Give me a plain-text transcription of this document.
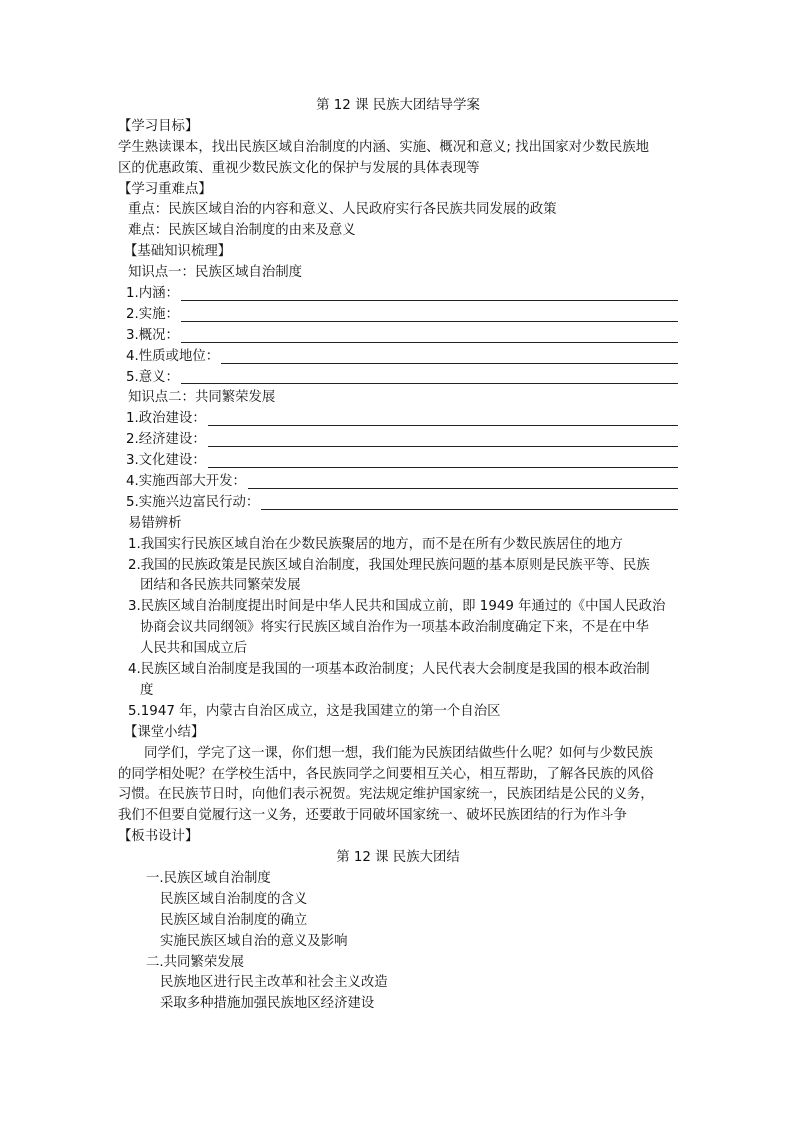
第 12 课 民族大团结导学案
【学习目标】
学生熟读课本，找出民族区域自治制度的内涵、实施、概况和意义; 找出国家对少数民族地
区的优惠政策、重视少数民族文化的保护与发展的具体表现等
【学习重难点】
重点：民族区域自治的内容和意义、人民政府实行各民族共同发展的政策
难点：民族区域自治制度的由来及意义
【基础知识梳理】
知识点一：民族区域自治制度
1.内涵：
2.实施：
3.概况：
4.性质或地位：
5.意义：
知识点二：共同繁荣发展
1.政治建设：
2.经济建设：
3.文化建设：
4.实施西部大开发：
5.实施兴边富民行动：
易错辨析
1.我国实行民族区域自治在少数民族聚居的地方，而不是在所有少数民族居住的地方
2.我国的民族政策是民族区域自治制度，我国处理民族问题的基本原则是民族平等、民族
团结和各民族共同繁荣发展
3.民族区域自治制度提出时间是中华人民共和国成立前，即 1949 年通过的《中国人民政治
协商会议共同纲领》将实行民族区域自治作为一项基本政治制度确定下来，不是在中华
人民共和国成立后
4.民族区域自治制度是我国的一项基本政治制度；人民代表大会制度是我国的根本政治制
度
5.1947 年，内蒙古自治区成立，这是我国建立的第一个自治区
【课堂小结】
同学们，学完了这一课，你们想一想，我们能为民族团结做些什么呢？如何与少数民族
的同学相处呢？在学校生活中，各民族同学之间要相互关心，相互帮助，了解各民族的风俗
习惯。在民族节日时，向他们表示祝贺。宪法规定维护国家统一，民族团结是公民的义务，
我们不但要自觉履行这一义务，还要敢于同破坏国家统一、破坏民族团结的行为作斗争
【板书设计】
第 12 课 民族大团结
一.民族区域自治制度
民族区域自治制度的含义
民族区域自治制度的确立
实施民族区域自治的意义及影响
二.共同繁荣发展
民族地区进行民主改革和社会主义改造
采取多种措施加强民族地区经济建设
